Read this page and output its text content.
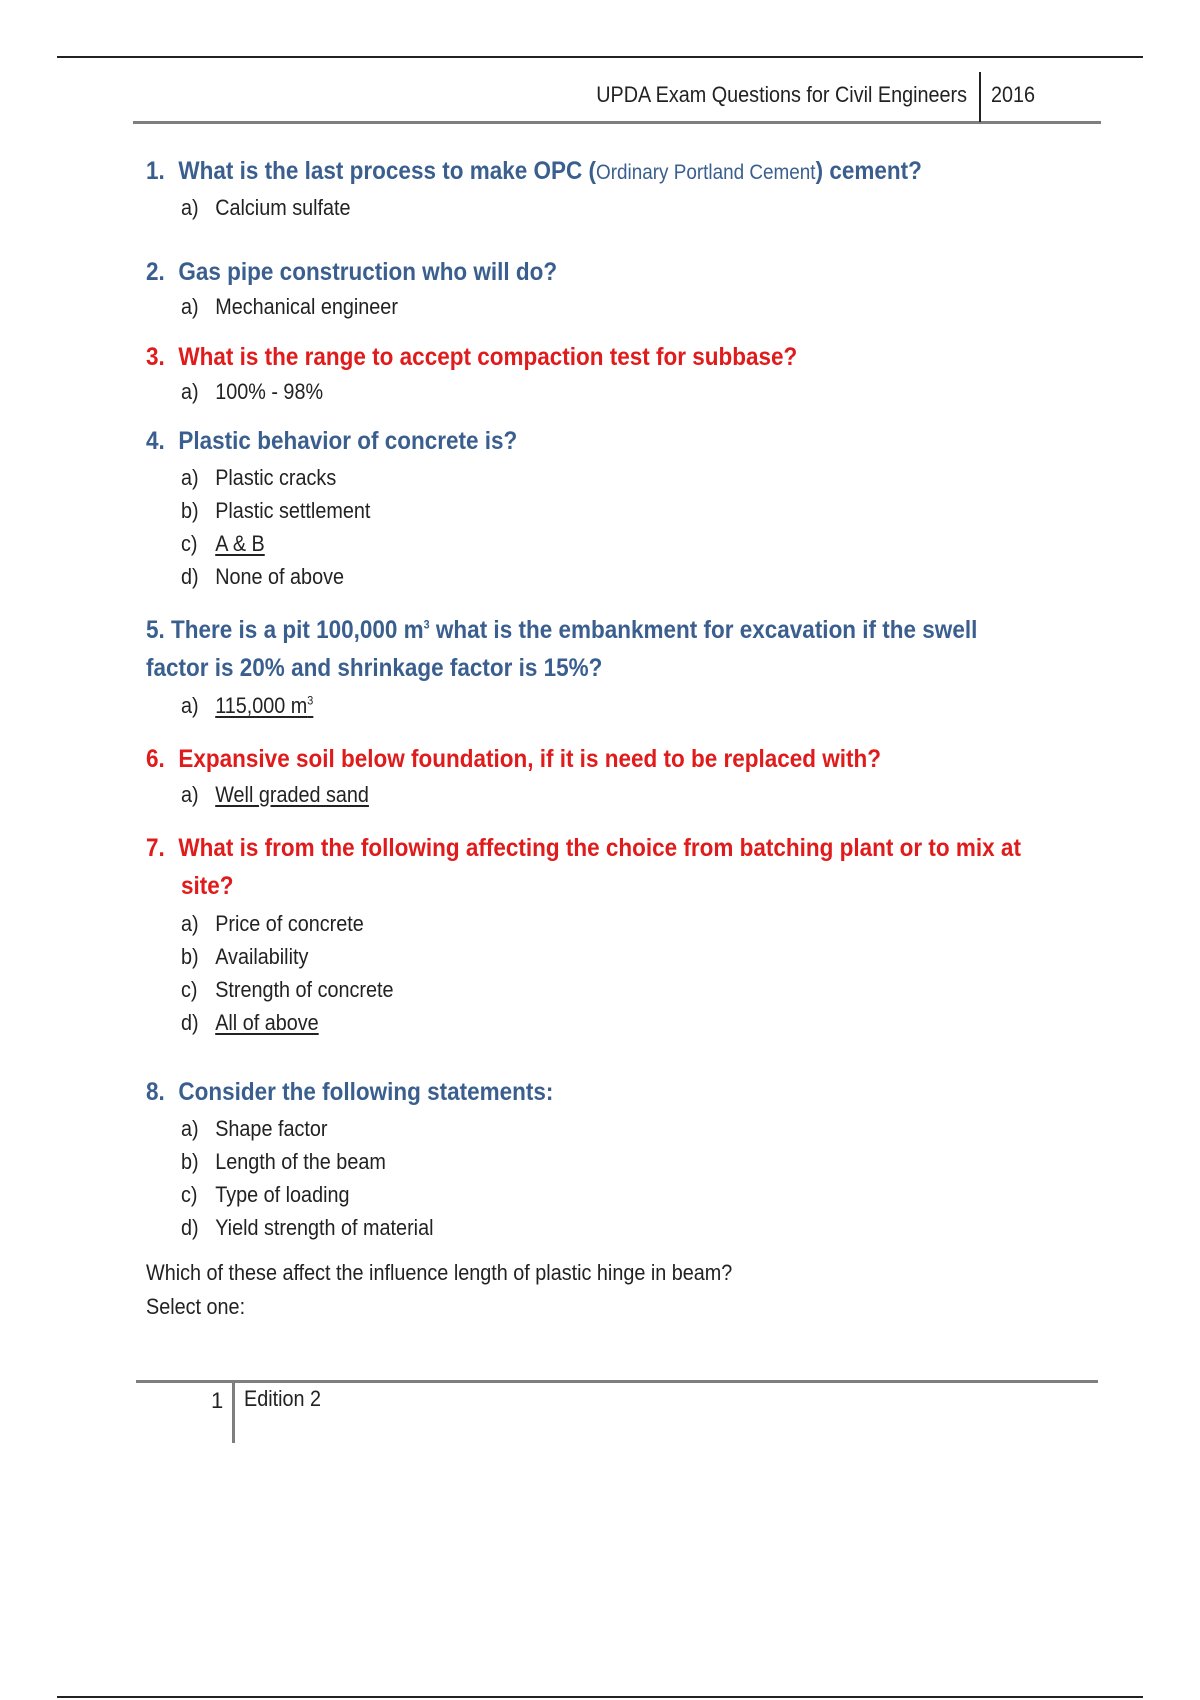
UPDA Exam Questions for Civil Engineers 2016
1. What is the last process to make OPC (Ordinary Portland Cement) cement?
a) Calcium sulfate
2. Gas pipe construction who will do?
a) Mechanical engineer
3. What is the range to accept compaction test for subbase?
a) 100% - 98%
4. Plastic behavior of concrete is?
a) Plastic cracks
b) Plastic settlement
c) A & B
d) None of above
5. There is a pit 100,000 $m^3$ what is the embankment for excavation if the swell
factor is 20% and shrinkage factor is 15%?
a) 115,000 $m^3$
6. Expansive soil below foundation, if it is need to be replaced with?
a) Well graded sand
7. What is from the following affecting the choice from batching plant or to mix at
site?
a) Price of concrete
b) Availability
c) Strength of concrete
d) All of above
8. Consider the following statements:
a) Shape factor
b) Length of the beam
c) Type of loading
d) Yield strength of material
Which of these affect the influence length of plastic hinge in beam?
Select one:
1 Edition 2
